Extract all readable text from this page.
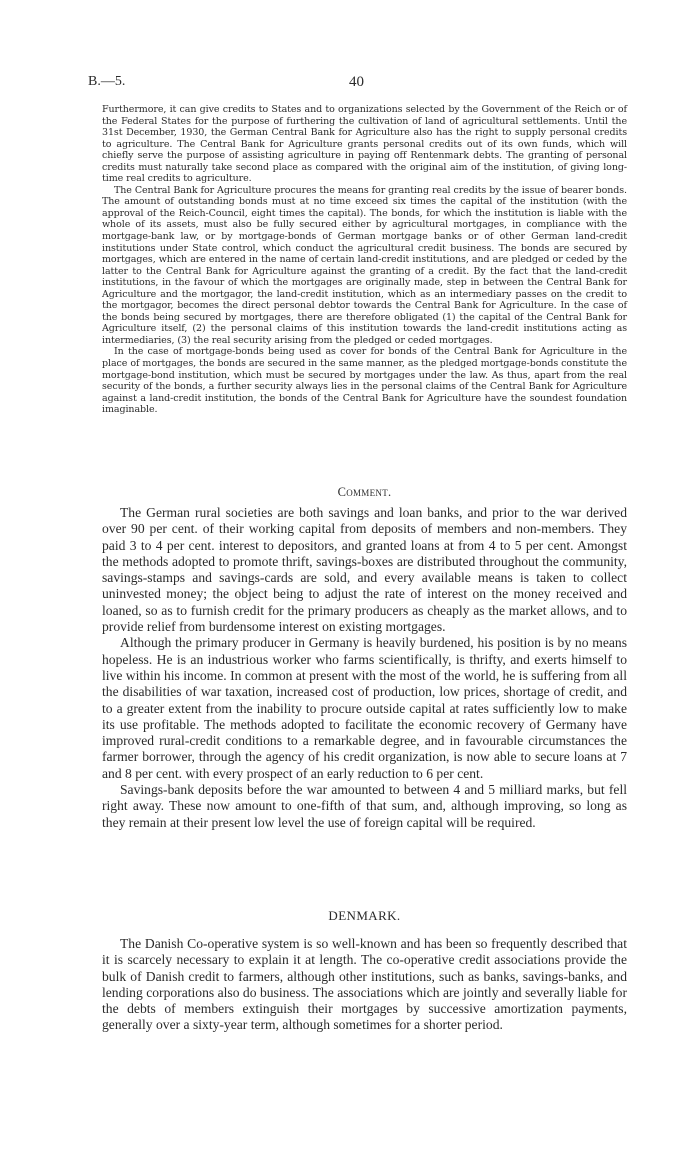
B.—5.	40

Furthermore, it can give credits to States and to organizations selected by the Government of the Reich or of the Federal States for the purpose of furthering the cultivation of land of agricultural settlements. Until the 31st December, 1930, the German Central Bank for Agriculture also has the right to supply personal credits to agriculture. The Central Bank for Agriculture grants personal credits out of its own funds, which will chiefly serve the purpose of assisting agriculture in paying off Rentenmark debts. The granting of personal credits must naturally take second place as compared with the original aim of the institution, of giving long-time real credits to agriculture.

The Central Bank for Agriculture procures the means for granting real credits by the issue of bearer bonds. The amount of outstanding bonds must at no time exceed six times the capital of the institution (with the approval of the Reich-Council, eight times the capital). The bonds, for which the institution is liable with the whole of its assets, must also be fully secured either by agricultural mortgages, in compliance with the mortgage-bank law, or by mortgage-bonds of German mortgage banks or of other German land-credit institutions under State control, which conduct the agricultural credit business. The bonds are secured by mortgages, which are entered in the name of certain land-credit institutions, and are pledged or ceded by the latter to the Central Bank for Agriculture against the granting of a credit. By the fact that the land-credit institutions, in the favour of which the mortgages are originally made, step in between the Central Bank for Agriculture and the mortgagor, the land-credit institution, which as an intermediary passes on the credit to the mortgagor, becomes the direct personal debtor towards the Central Bank for Agriculture. In the case of the bonds being secured by mortgages, there are therefore obligated (1) the capital of the Central Bank for Agriculture itself, (2) the personal claims of this institution towards the land-credit institutions acting as intermediaries, (3) the real security arising from the pledged or ceded mortgages.

In the case of mortgage-bonds being used as cover for bonds of the Central Bank for Agriculture in the place of mortgages, the bonds are secured in the same manner, as the pledged mortgage-bonds constitute the mortgage-bond institution, which must be secured by mortgages under the law. As thus, apart from the real security of the bonds, a further security always lies in the personal claims of the Central Bank for Agriculture against a land-credit institution, the bonds of the Central Bank for Agriculture have the soundest foundation imaginable.

Comment.

The German rural societies are both savings and loan banks, and prior to the war derived over 90 per cent. of their working capital from deposits of members and non-members. They paid 3 to 4 per cent. interest to depositors, and granted loans at from 4 to 5 per cent. Amongst the methods adopted to promote thrift, savings-boxes are distributed throughout the community, savings-stamps and savings-cards are sold, and every available means is taken to collect uninvested money; the object being to adjust the rate of interest on the money received and loaned, so as to furnish credit for the primary producers as cheaply as the market allows, and to provide relief from burdensome interest on existing mortgages.

Although the primary producer in Germany is heavily burdened, his position is by no means hopeless. He is an industrious worker who farms scientifically, is thrifty, and exerts himself to live within his income. In common at present with the most of the world, he is suffering from all the disabilities of war taxation, increased cost of production, low prices, shortage of credit, and to a greater extent from the inability to procure outside capital at rates sufficiently low to make its use profitable. The methods adopted to facilitate the economic recovery of Germany have improved rural-credit conditions to a remarkable degree, and in favourable circumstances the farmer borrower, through the agency of his credit organization, is now able to secure loans at 7 and 8 per cent. with every prospect of an early reduction to 6 per cent.

Savings-bank deposits before the war amounted to between 4 and 5 milliard marks, but fell right away. These now amount to one-fifth of that sum, and, although improving, so long as they remain at their present low level the use of foreign capital will be required.

DENMARK.

The Danish Co-operative system is so well-known and has been so frequently described that it is scarcely necessary to explain it at length. The co-operative credit associations provide the bulk of Danish credit to farmers, although other institutions, such as banks, savings-banks, and lending corporations also do business. The associations which are jointly and severally liable for the debts of members extinguish their mortgages by successive amortization payments, generally over a sixty-year term, although sometimes for a shorter period.
